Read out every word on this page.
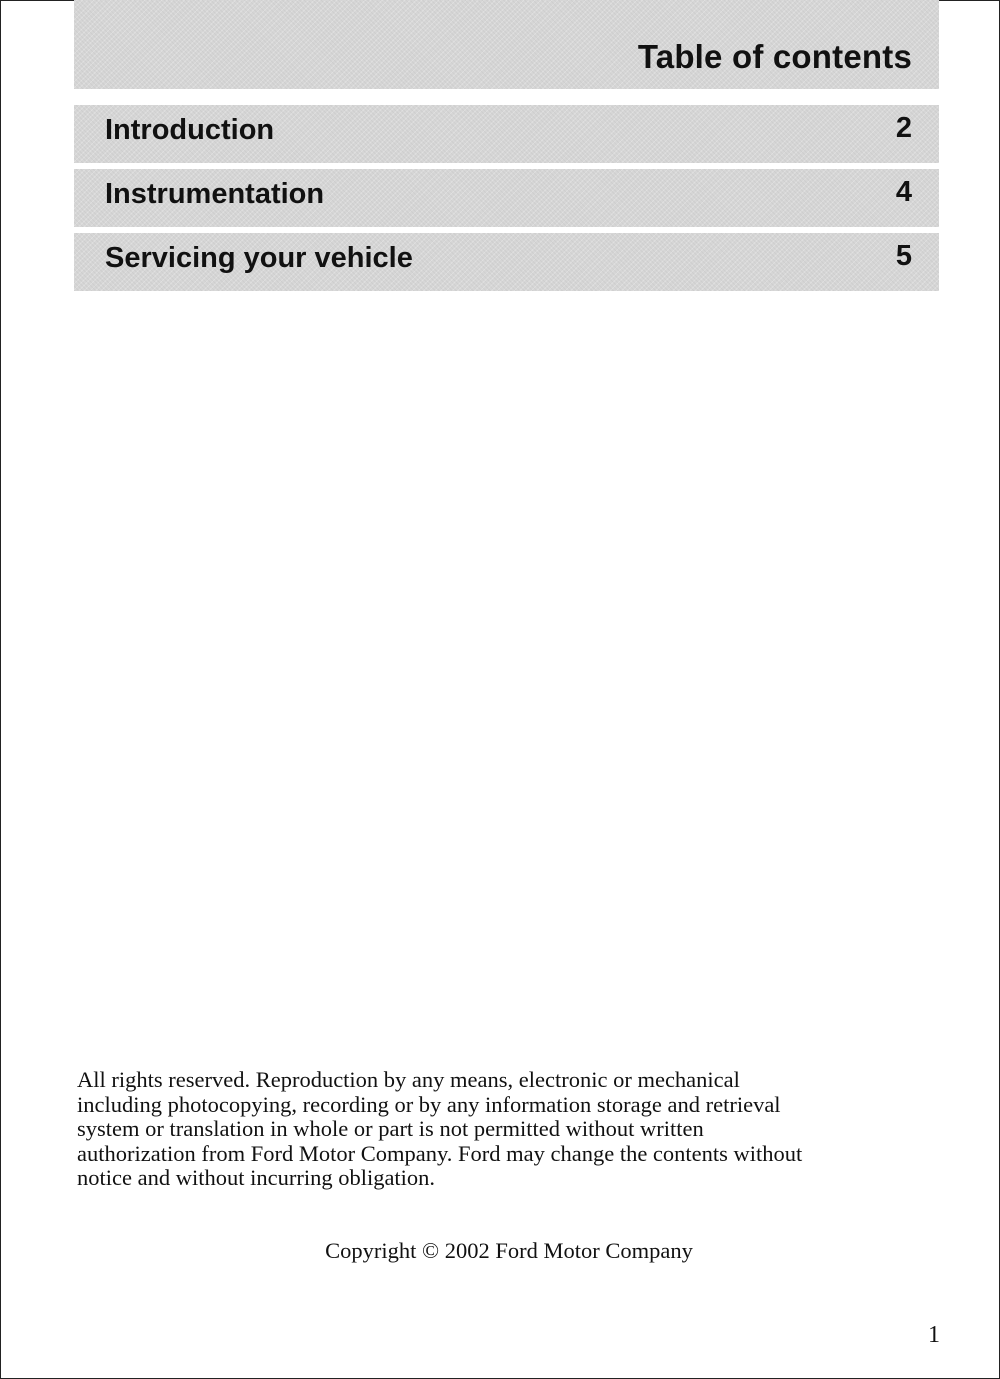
Table of contents
Introduction	2
Instrumentation	4
Servicing your vehicle	5
All rights reserved. Reproduction by any means, electronic or mechanical
including photocopying, recording or by any information storage and retrieval
system or translation in whole or part is not permitted without written
authorization from Ford Motor Company. Ford may change the contents without
notice and without incurring obligation.
Copyright © 2002 Ford Motor Company
1
